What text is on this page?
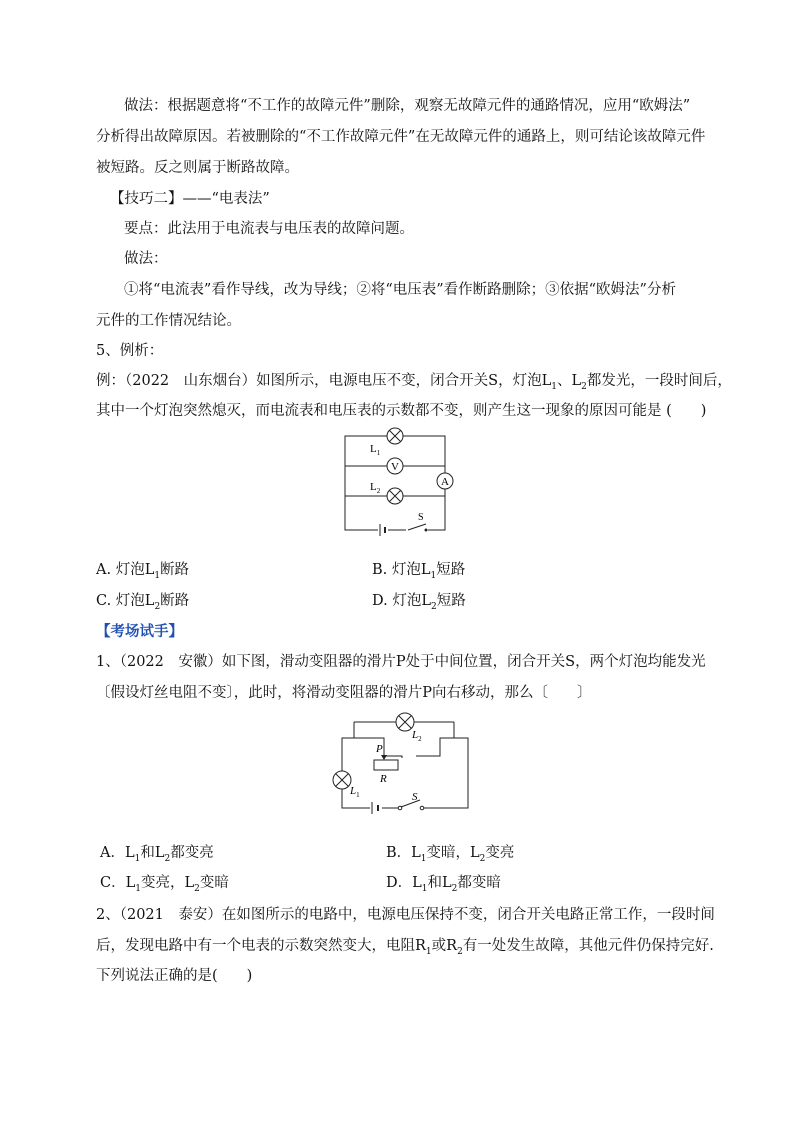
做法：根据题意将“不工作的故障元件”删除，观察无故障元件的通路情况，应用“欧姆法”
分析得出故障原因。若被删除的“不工作故障元件”在无故障元件的通路上，则可结论该故障元件
被短路。反之则属于断路故障。
【技巧二】——“电表法”
要点：此法用于电流表与电压表的故障问题。
做法：
①将“电流表”看作导线，改为导线；②将“电压表”看作断路删除；③依据“欧姆法”分析
元件的工作情况结论。
5、例析：
例：（2022　山东烟台）如图所示，电源电压不变，闭合开关S，灯泡$L_1$、$L_2$都发光，一段时间后，
其中一个灯泡突然熄灭，而电流表和电压表的示数都不变，则产生这一现象的原因可能是 (　　)
V
A
S
$L_1$
$L_2$
A. 灯泡$L_1$断路	B. 灯泡$L_1$短路
C. 灯泡$L_2$断路	D. 灯泡$L_2$短路
【考场试手】
1、（2022　安徽）如下图，滑动变阻器的滑片P处于中间位置，闭合开关S，两个灯泡均能发光
〔假设灯丝电阻不变〕，此时，将滑动变阻器的滑片P向右移动，那么〔　　〕
S
P
R
$L_2$
$L_1$
A．$L_1$和$L_2$都变亮	B．$L_1$变暗，$L_2$变亮
C．$L_1$变亮，$L_2$变暗	D．$L_1$和$L_2$都变暗
2、（2021　泰安）在如图所示的电路中，电源电压保持不变，闭合开关电路正常工作，一段时间
后，发现电路中有一个电表的示数突然变大，电阻$R_1$或$R_2$有一处发生故障，其他元件仍保持完好.
下列说法正确的是(　　)
